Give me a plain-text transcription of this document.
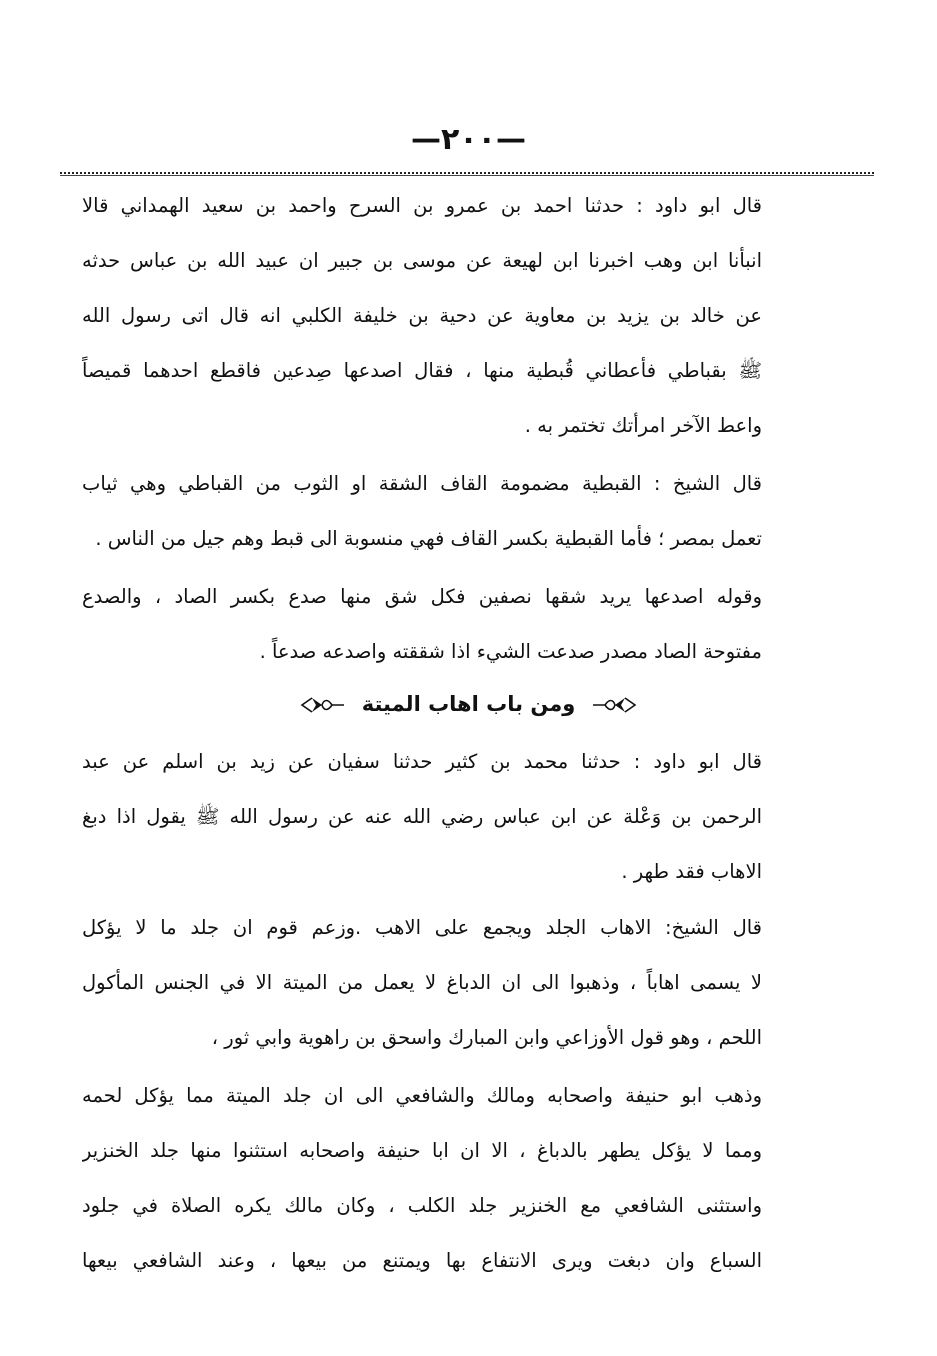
—٢٠٠—
قال ابو داود : حدثنا احمد بن عمرو بن السرح واحمد بن سعيد الهمداني قالا
انبأنا ابن وهب اخبرنا ابن لهيعة عن موسى بن جبير ان عبيد الله بن عباس حدثه
عن خالد بن يزيد بن معاوية عن دحية بن خليفة الكلبي انه قال اتى رسول الله
ﷺ بقباطي فأعطاني قُبطية منها ، فقال اصدعها صِدعين فاقطع احدهما قميصاً
واعط الآخر امرأتك تختمر به .
قال الشيخ : القبطية مضمومة القاف الشقة او الثوب من القباطي وهي ثياب
تعمل بمصر ؛ فأما القبطية بكسر القاف فهي منسوبة الى قبط وهم جيل من الناس .
وقوله اصدعها يريد شقها نصفين فكل شق منها صدع بكسر الصاد ، والصدع
مفتوحة الصاد مصدر صدعت الشيء اذا شققته واصدعه صدعاً .
ومن باب اهاب الميتة
قال ابو داود : حدثنا محمد بن كثير حدثنا سفيان عن زيد بن اسلم عن عبد
الرحمن بن وَعْلة عن ابن عباس رضي الله عنه عن رسول الله ﷺ يقول اذا دبغ
الاهاب فقد طهر .
قال الشيخ: الاهاب الجلد ويجمع على الاهب .وزعم قوم ان جلد ما لا يؤكل
لا يسمى اهاباً ، وذهبوا الى ان الدباغ لا يعمل من الميتة الا في الجنس المأكول
اللحم ، وهو قول الأوزاعي وابن المبارك واسحق بن راهوية وابي ثور ،
وذهب ابو حنيفة واصحابه ومالك والشافعي الى ان جلد الميتة مما يؤكل لحمه
ومما لا يؤكل يطهر بالدباغ ، الا ان ابا حنيفة واصحابه استثنوا منها جلد الخنزير
واستثنى الشافعي مع الخنزير جلد الكلب ، وكان مالك يكره الصلاة في جلود
السباع وان دبغت ويرى الانتفاع بها ويمتنع من بيعها ، وعند الشافعي بيعها
